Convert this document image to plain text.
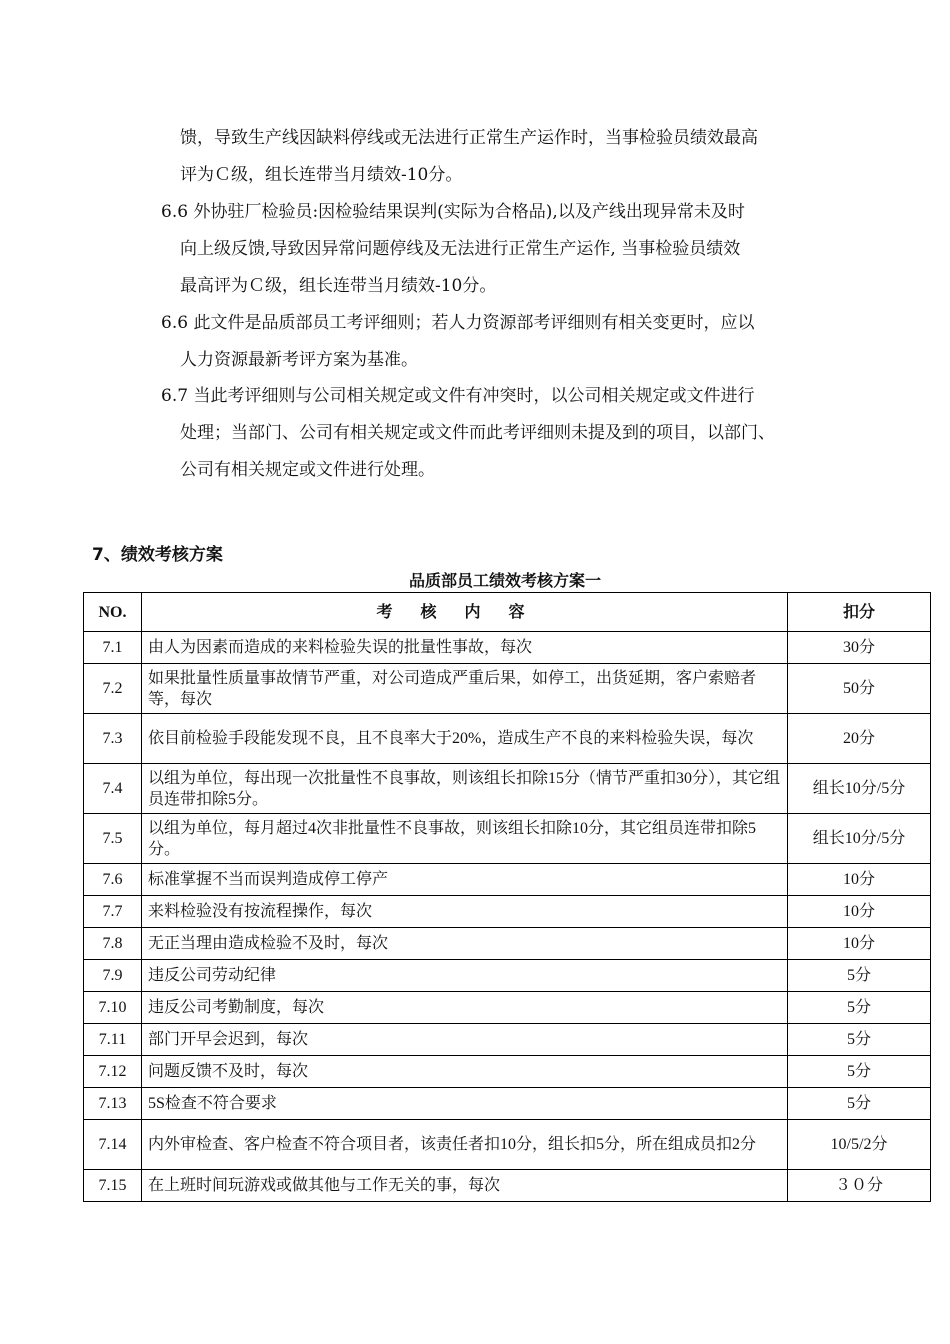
馈，导致生产线因缺料停线或无法进行正常生产运作时，当事检验员绩效最高
评为Ｃ级，组长连带当月绩效-10分。
6.6 外协驻厂检验员:因检验结果误判(实际为合格品),以及产线出现异常未及时
向上级反馈,导致因异常问题停线及无法进行正常生产运作, 当事检验员绩效
最高评为Ｃ级，组长连带当月绩效-10分。
6.6 此文件是品质部员工考评细则；若人力资源部考评细则有相关变更时，应以
人力资源最新考评方案为基准。
6.7 当此考评细则与公司相关规定或文件有冲突时，以公司相关规定或文件进行
处理；当部门、公司有相关规定或文件而此考评细则未提及到的项目，以部门、
公司有相关规定或文件进行处理。
7、绩效考核方案
品质部员工绩效考核方案一
NO.	考核内容	扣分
7.1	由人为因素而造成的来料检验失误的批量性事故，每次	30分
7.2	如果批量性质量事故情节严重，对公司造成严重后果，如停工，出货延期，客户索赔者等，每次	50分
7.3	依目前检验手段能发现不良，且不良率大于20%，造成生产不良的来料检验失误，每次	20分
7.4	以组为单位，每出现一次批量性不良事故，则该组长扣除15分（情节严重扣30分），其它组员连带扣除5分。	组长10分/5分
7.5	以组为单位，每月超过4次非批量性不良事故，则该组长扣除10分，其它组员连带扣除5分。	组长10分/5分
7.6	标准掌握不当而误判造成停工停产	10分
7.7	来料检验没有按流程操作，每次	10分
7.8	无正当理由造成检验不及时，每次	10分
7.9	违反公司劳动纪律	5分
7.10	违反公司考勤制度，每次	5分
7.11	部门开早会迟到，每次	5分
7.12	问题反馈不及时，每次	5分
7.13	5S检查不符合要求	5分
7.14	内外审检查、客户检查不符合项目者，该责任者扣10分，组长扣5分，所在组成员扣2分	10/5/2分
7.15	在上班时间玩游戏或做其他与工作无关的事，每次	３０分
